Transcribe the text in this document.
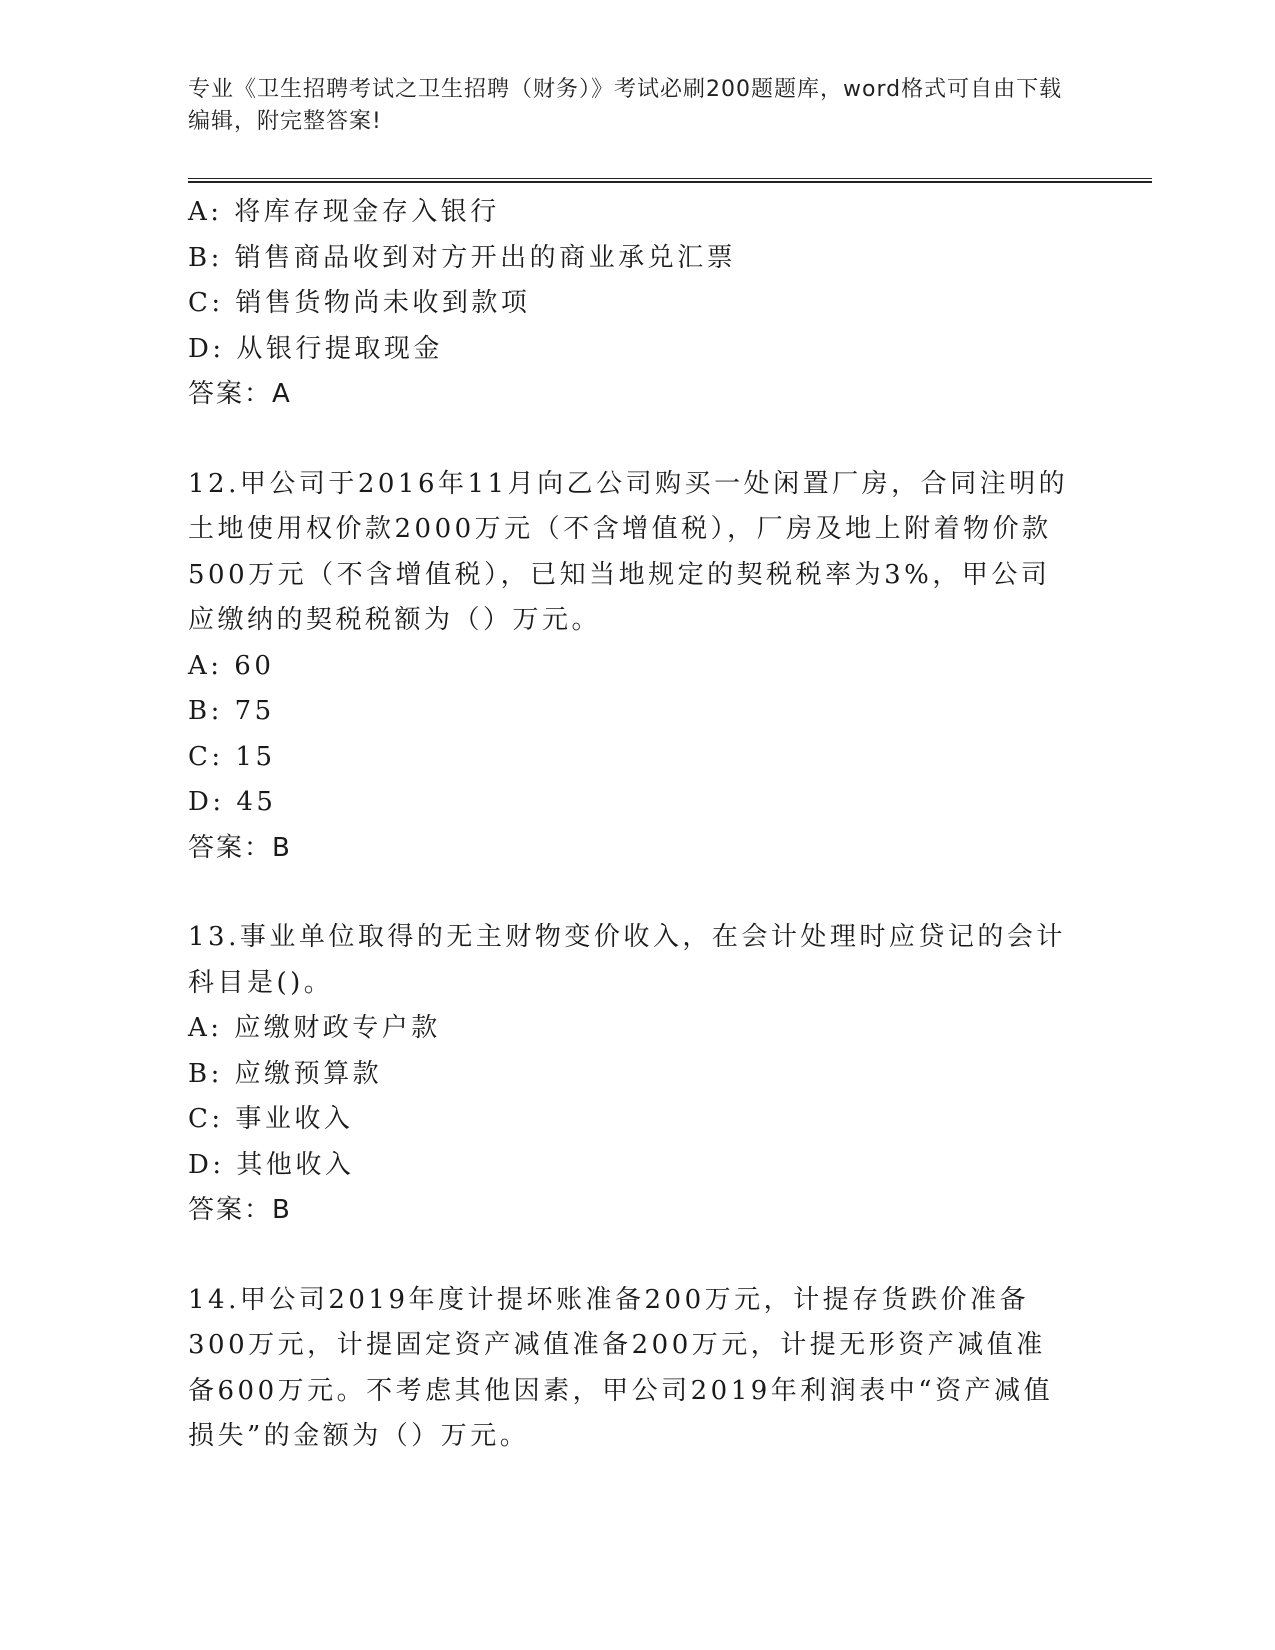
专业《卫生招聘考试之卫生招聘（财务）》考试必刷200题题库，word格式可自由下载编辑，附完整答案!
A: 将库存现金存入银行
B: 销售商品收到对方开出的商业承兑汇票
C: 销售货物尚未收到款项
D: 从银行提取现金
答案：A
12.甲公司于2016年11月向乙公司购买一处闲置厂房，合同注明的土地使用权价款2000万元（不含增值税），厂房及地上附着物价款500万元（不含增值税），已知当地规定的契税税率为3%，甲公司应缴纳的契税税额为（）万元。
A: 60
B: 75
C: 15
D: 45
答案：B
13.事业单位取得的无主财物变价收入，在会计处理时应贷记的会计科目是()。
A: 应缴财政专户款
B: 应缴预算款
C: 事业收入
D: 其他收入
答案：B
14.甲公司2019年度计提坏账准备200万元，计提存货跌价准备300万元，计提固定资产减值准备200万元，计提无形资产减值准备600万元。不考虑其他因素，甲公司2019年利润表中“资产减值损失”的金额为（）万元。
